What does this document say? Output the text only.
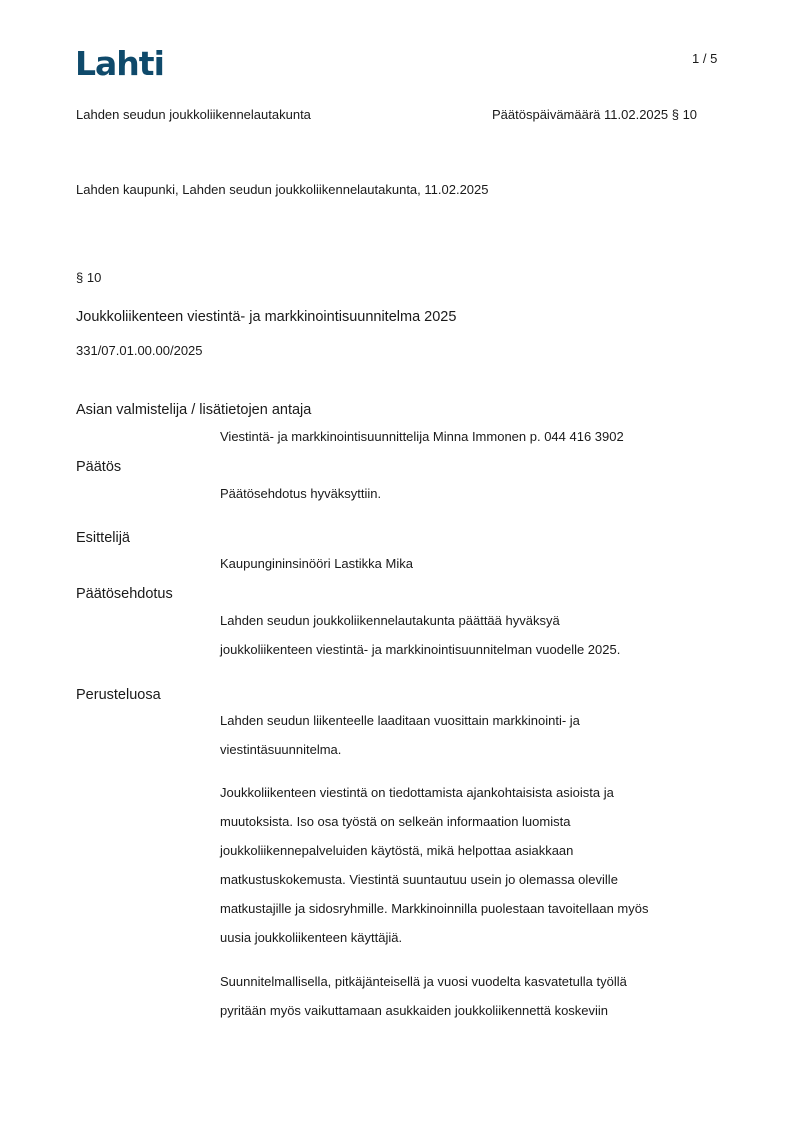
Lahti	1 / 5
Lahden seudun joukkoliikennelautakunta	Päätöspäivämäärä 11.02.2025 § 10
Lahden kaupunki, Lahden seudun joukkoliikennelautakunta, 11.02.2025
§ 10
Joukkoliikenteen viestintä- ja markkinointisuunnitelma 2025
331/07.01.00.00/2025
Asian valmistelija / lisätietojen antaja
Viestintä- ja markkinointisuunnittelija Minna Immonen p. 044 416 3902
Päätös
Päätösehdotus hyväksyttiin.
Esittelijä
Kaupungininsinööri Lastikka Mika
Päätösehdotus
Lahden seudun joukkoliikennelautakunta päättää hyväksyä
joukkoliikenteen viestintä- ja markkinointisuunnitelman vuodelle 2025.
Perusteluosa
Lahden seudun liikenteelle laaditaan vuosittain markkinointi- ja
viestintäsuunnitelma.
Joukkoliikenteen viestintä on tiedottamista ajankohtaisista asioista ja
muutoksista. Iso osa työstä on selkeän informaation luomista
joukkoliikennepalveluiden käytöstä, mikä helpottaa asiakkaan
matkustuskokemusta. Viestintä suuntautuu usein jo olemassa oleville
matkustajille ja sidosryhmille. Markkinoinnilla puolestaan tavoitellaan myös
uusia joukkoliikenteen käyttäjiä.
Suunnitelmallisella, pitkäjänteisellä ja vuosi vuodelta kasvatetulla työllä
pyritään myös vaikuttamaan asukkaiden joukkoliikennettä koskeviin
